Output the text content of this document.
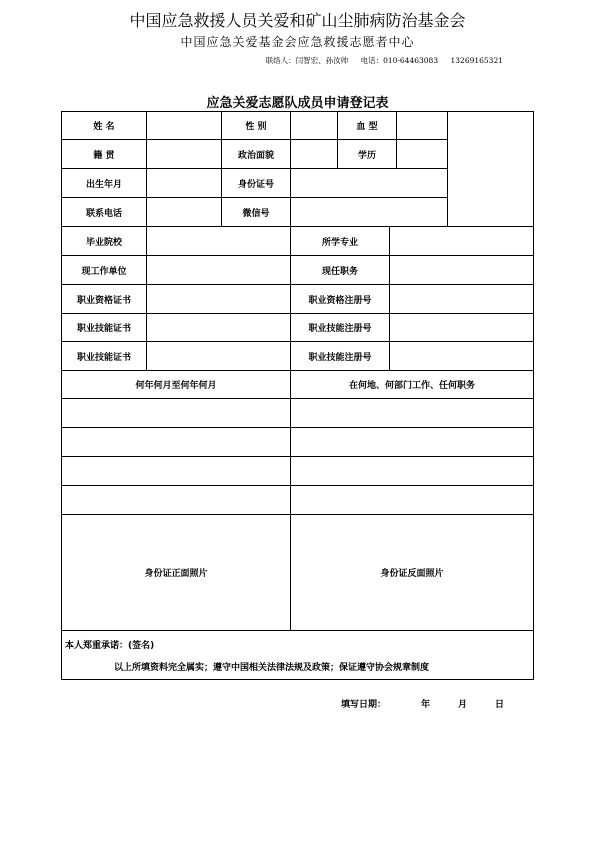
中国应急救援人员关爱和矿山尘肺病防治基金会
中国应急关爱基金会应急救援志愿者中心
联络人：闫智宏、孙汝帅 电话：010-64463083 13269165321
应急关爱志愿队成员申请登记表
姓 名	性 别	血 型
籍 贯	政治面貌	学历
出生年月	身份证号
联系电话	微信号
毕业院校	所学专业
现工作单位	现任职务
职业资格证书	职业资格注册号
职业技能证书	职业技能注册号
职业技能证书	职业技能注册号
何年何月至何年何月	在何地、何部门工作、任何职务
身份证正面照片	身份证反面照片
本人郑重承诺：(签名)
以上所填资料完全属实；遵守中国相关法律法规及政策；保证遵守协会规章制度
填写日期：	年	月	日
